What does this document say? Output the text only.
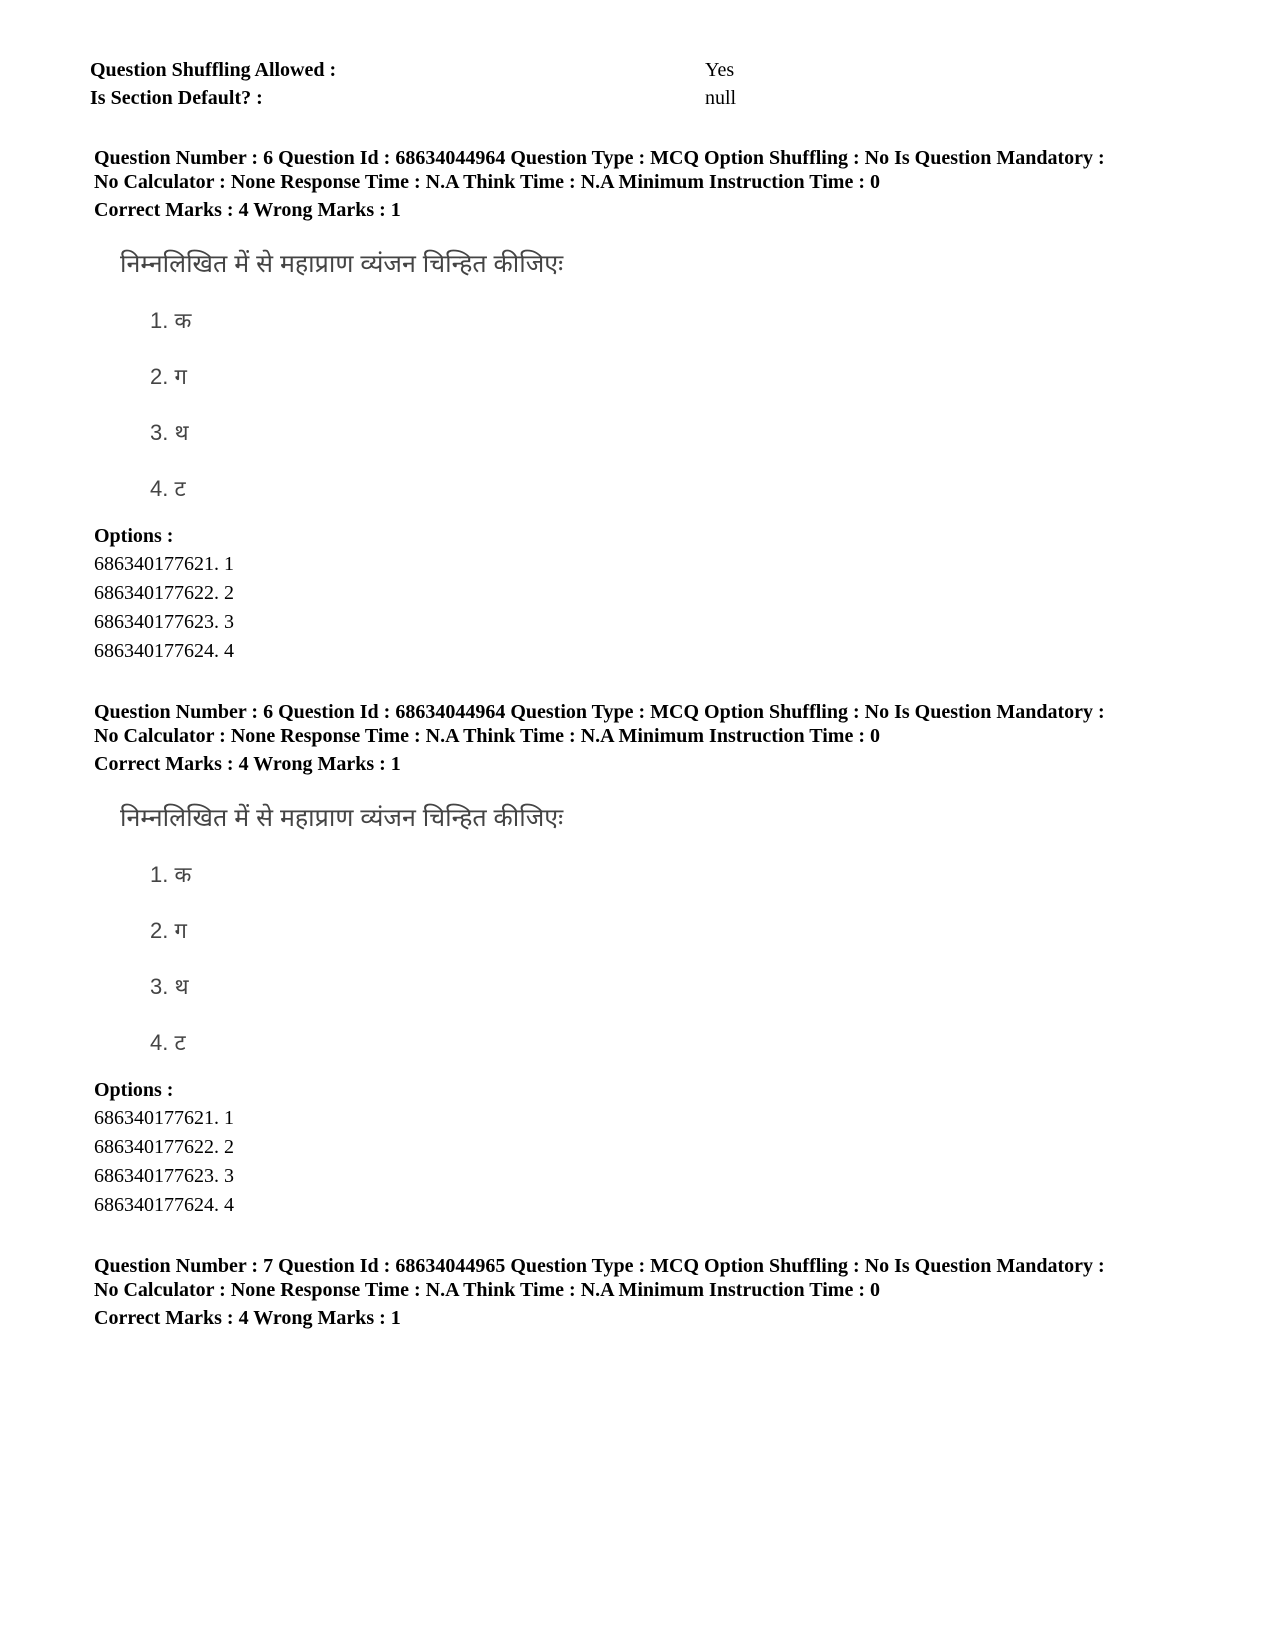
Question Shuffling Allowed :	Yes
Is Section Default? :	null
Question Number : 6 Question Id : 68634044964 Question Type : MCQ Option Shuffling : No Is Question Mandatory :
No Calculator : None Response Time : N.A Think Time : N.A Minimum Instruction Time : 0
Correct Marks : 4 Wrong Marks : 1
निम्नलिखित में से महाप्राण व्यंजन चिन्हित कीजिएः
1. क
2. ग
3. थ
4. ट
Options :
686340177621. 1
686340177622. 2
686340177623. 3
686340177624. 4
Question Number : 6 Question Id : 68634044964 Question Type : MCQ Option Shuffling : No Is Question Mandatory :
No Calculator : None Response Time : N.A Think Time : N.A Minimum Instruction Time : 0
Correct Marks : 4 Wrong Marks : 1
निम्नलिखित में से महाप्राण व्यंजन चिन्हित कीजिएः
1. क
2. ग
3. थ
4. ट
Options :
686340177621. 1
686340177622. 2
686340177623. 3
686340177624. 4
Question Number : 7 Question Id : 68634044965 Question Type : MCQ Option Shuffling : No Is Question Mandatory :
No Calculator : None Response Time : N.A Think Time : N.A Minimum Instruction Time : 0
Correct Marks : 4 Wrong Marks : 1
